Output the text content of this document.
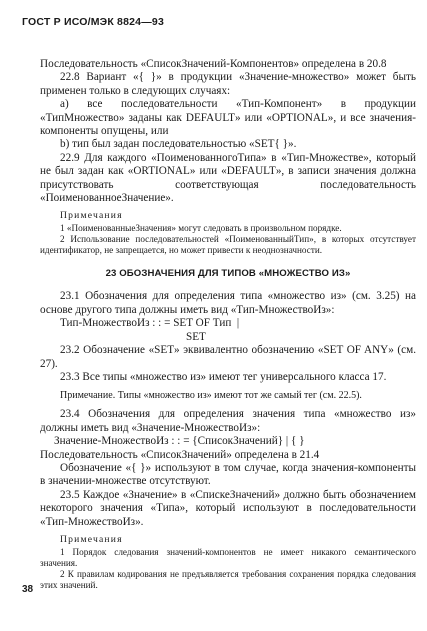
ГОСТ Р ИСО/МЭК 8824—93

Последовательность «СписокЗначений-Компонентов» определена в 20.8

22.8 Вариант «{ }» в продукции «Значение-множество» может быть применен только в следующих случаях:

а) все последовательности «Тип-Компонент» в продукции «ТипМножество» заданы как DEFAULT» или «OPTIONAL», и все значения-компоненты опущены, или

b) тип был задан последовательностью «SET{ }».

22.9 Для каждого «ПоименованногоТипа» в «Тип-Множестве», который не был задан как «ORTIONAL» или «DEFAULT», в записи значения должна присутствовать соответствующая последовательность «ПоименованноеЗначение».

Примечания

1 «ПоименованныеЗначения» могут следовать в произвольном порядке.

2 Использование последовательностей «ПоименованныйТип», в которых отсутствует идентификатор, не запрещается, но может привести к неоднозначности.

23 ОБОЗНАЧЕНИЯ ДЛЯ ТИПОВ «МНОЖЕСТВО ИЗ»

23.1 Обозначения для определения типа «множество из» (см. 3.25) на основе другого типа должны иметь вид «Тип-МножествоИз»:

Тип-МножествоИз : : = SET OF Тип  |
SET

23.2 Обозначение «SET» эквивалентно обозначению «SET OF ANY» (см. 27).

23.3 Все типы «множество из» имеют тег универсального класса 17.

Примечание. Типы «множество из» имеют тот же самый тег (см. 22.5).

23.4 Обозначения для определения значения типа «множество из» должны иметь вид «Значение-МножествоИз»:

Значение-МножествоИз : : = {СписокЗначений} | { }

Последовательность «СписокЗначений» определена в 21.4

Обозначение «{ }» используют в том случае, когда значения-компоненты в значении-множестве отсутствуют.

23.5 Каждое «Значение» в «СпискеЗначений» должно быть обозначением некоторого значения «Типа», который используют в последовательности «Тип-МножествоИз».

Примечания

1 Порядок следования значений-компонентов не имеет никакого семантического значения.

2 К правилам кодирования не предъявляется требования сохранения порядка следования этих значений.

38
